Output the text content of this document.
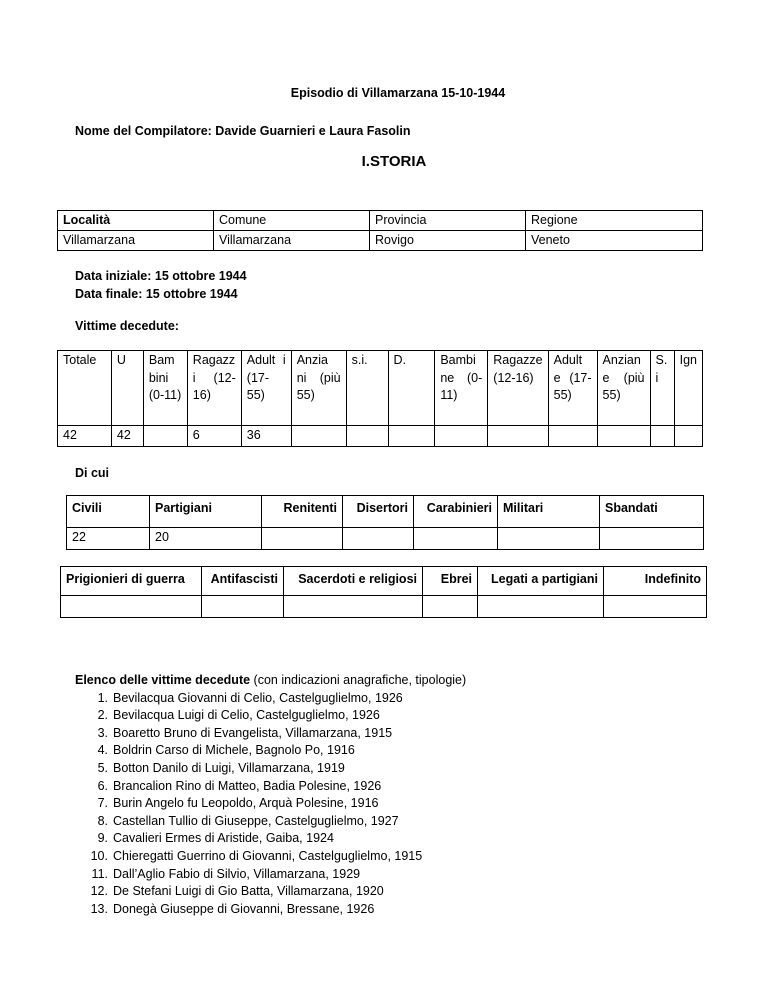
Episodio di Villamarzana 15-10-1944
Nome del Compilatore: Davide Guarnieri e Laura Fasolin
I.STORIA
Località	Comune	Provincia	Regione
Villamarzana	Villamarzana	Rovigo	Veneto
Data iniziale: 15 ottobre 1944
Data finale: 15 ottobre 1944
Vittime decedute:
Totale	U	Bam bini (0-11)	Ragazz i (12-16)	Adult i (17-55)	Anzia ni (più 55)	s.i.	D.	Bambi ne (0-11)	Ragazze (12-16)	Adult e (17-55)	Anzian e (più 55)	S. i	Ign
42	42		6	36									
Di cui
Civili	Partigiani	Renitenti	Disertori	Carabinieri	Militari	Sbandati
22	20					
Prigionieri di guerra	Antifascisti	Sacerdoti e religiosi	Ebrei	Legati a partigiani	Indefinito

Elenco delle vittime decedute (con indicazioni anagrafiche, tipologie)
1. Bevilacqua Giovanni di Celio, Castelguglielmo, 1926
2. Bevilacqua Luigi di Celio, Castelguglielmo, 1926
3. Boaretto Bruno di Evangelista, Villamarzana, 1915
4. Boldrin Carso di Michele, Bagnolo Po, 1916
5. Botton Danilo di Luigi, Villamarzana, 1919
6. Brancalion Rino di Matteo, Badia Polesine, 1926
7. Burin Angelo fu Leopoldo, Arquà Polesine, 1916
8. Castellan Tullio di Giuseppe, Castelguglielmo, 1927
9. Cavalieri Ermes di Aristide, Gaiba, 1924
10. Chieregatti Guerrino di Giovanni, Castelguglielmo, 1915
11. Dall’Aglio Fabio di Silvio, Villamarzana, 1929
12. De Stefani Luigi di Gio Batta, Villamarzana, 1920
13. Donegà Giuseppe di Giovanni, Bressane, 1926
